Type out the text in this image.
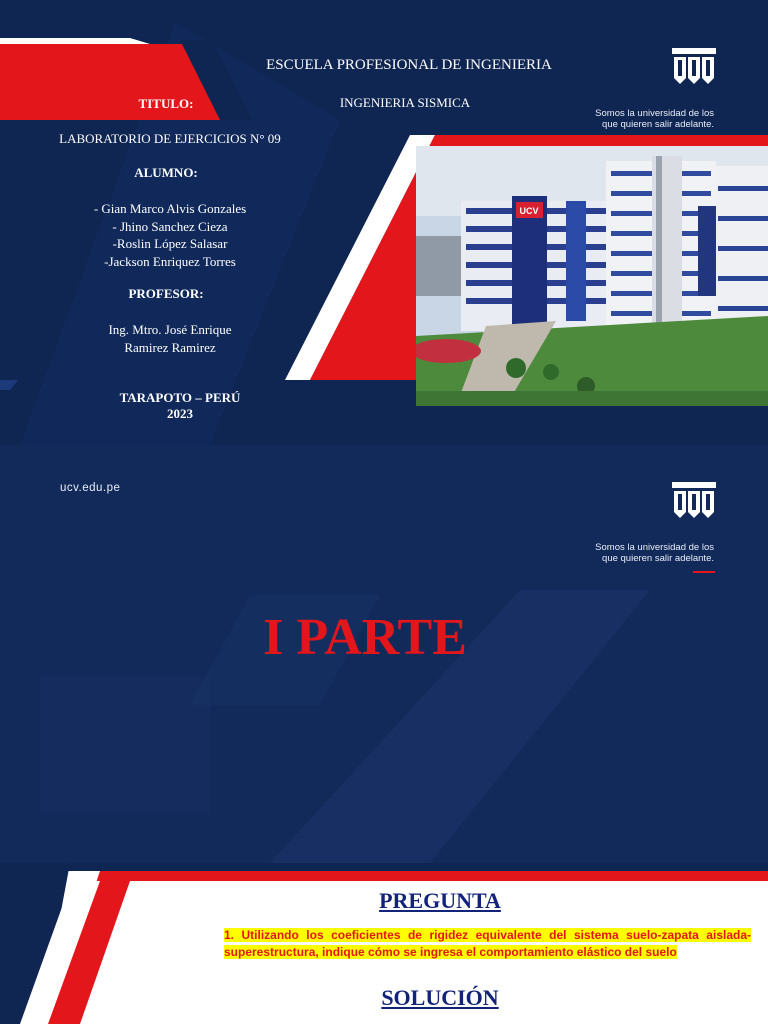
UCV
ESCUELA PROFESIONAL DE INGENIERIA
TITULO:	INGENIERIA SISMICA
LABORATORIO DE EJERCICIOS N° 09
ALUMNO:
- Gian Marco Alvis Gonzales
- Jhino Sanchez Cieza
-Roslin López Salasar
-Jackson Enriquez Torres
PROFESOR:
Ing. Mtro. José Enrique
Ramirez Ramirez
TARAPOTO – PERÚ
2023
Somos la universidad de los
que quieren salir adelante.
ucv.edu.pe
Somos la universidad de los
que quieren salir adelante.
I PARTE
PREGUNTA
1. Utilizando los coeficientes de rigidez equivalente del sistema suelo-zapata aislada-superestructura, indique cómo se ingresa el comportamiento elástico del suelo
SOLUCIÓN
